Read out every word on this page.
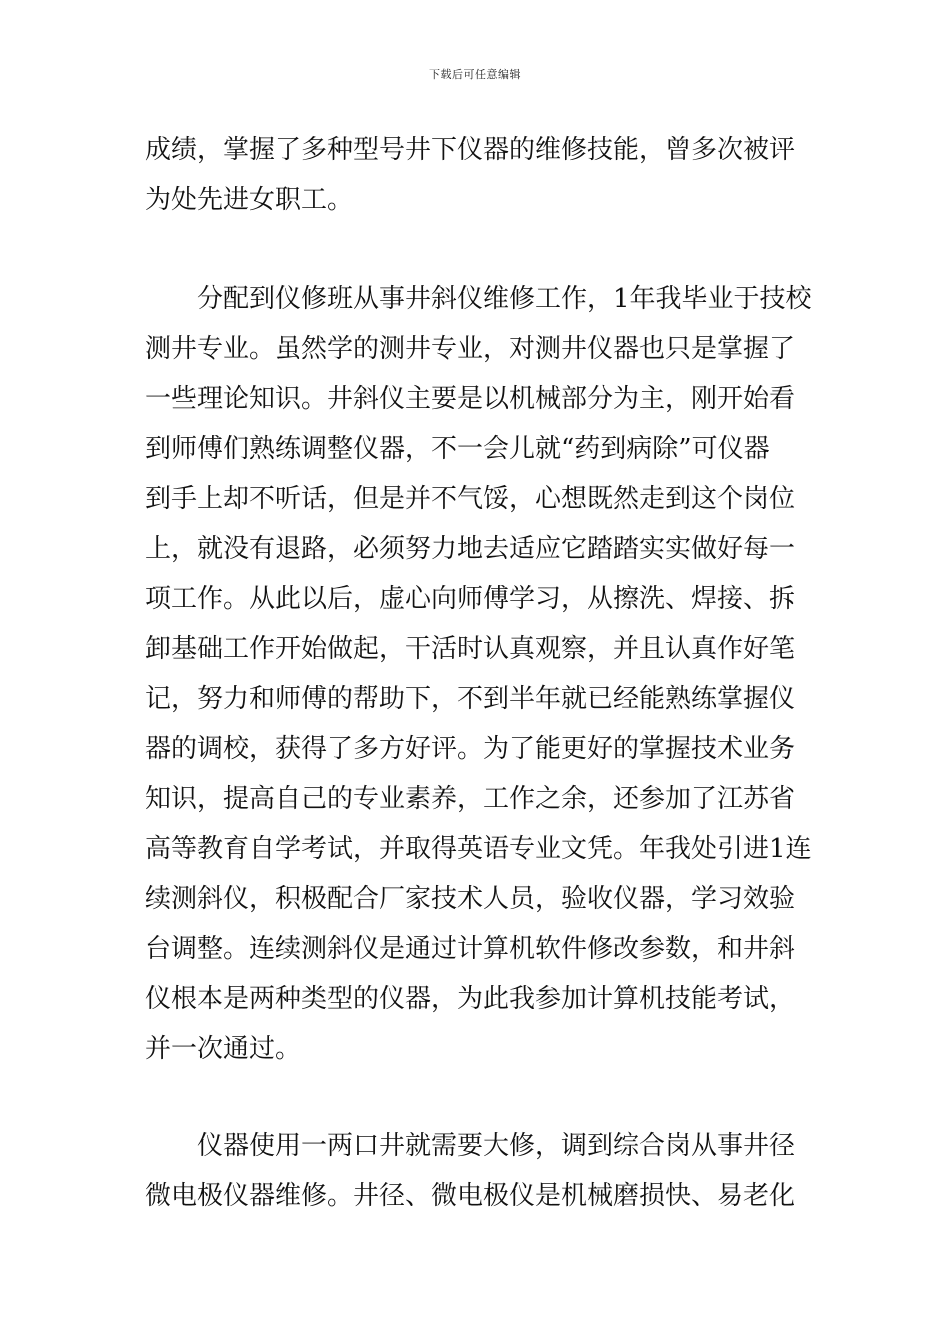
下载后可任意编辑
成绩，掌握了多种型号井下仪器的维修技能，曾多次被评
为处先进女职工。
　　分配到仪修班从事井斜仪维修工作，1年我毕业于技校
测井专业。虽然学的测井专业，对测井仪器也只是掌握了
一些理论知识。井斜仪主要是以机械部分为主，刚开始看
到师傅们熟练调整仪器，不一会儿就“药到病除”可仪器
到手上却不听话，但是并不气馁，心想既然走到这个岗位
上，就没有退路，必须努力地去适应它踏踏实实做好每一
项工作。从此以后，虚心向师傅学习，从擦洗、焊接、拆
卸基础工作开始做起，干活时认真观察，并且认真作好笔
记，努力和师傅的帮助下，不到半年就已经能熟练掌握仪
器的调校，获得了多方好评。为了能更好的掌握技术业务
知识，提高自己的专业素养，工作之余，还参加了江苏省
高等教育自学考试，并取得英语专业文凭。年我处引进1连
续测斜仪，积极配合厂家技术人员，验收仪器，学习效验
台调整。连续测斜仪是通过计算机软件修改参数，和井斜
仪根本是两种类型的仪器，为此我参加计算机技能考试，
并一次通过。
　　仪器使用一两口井就需要大修，调到综合岗从事井径
微电极仪器维修。井径、微电极仪是机械磨损快、易老化
